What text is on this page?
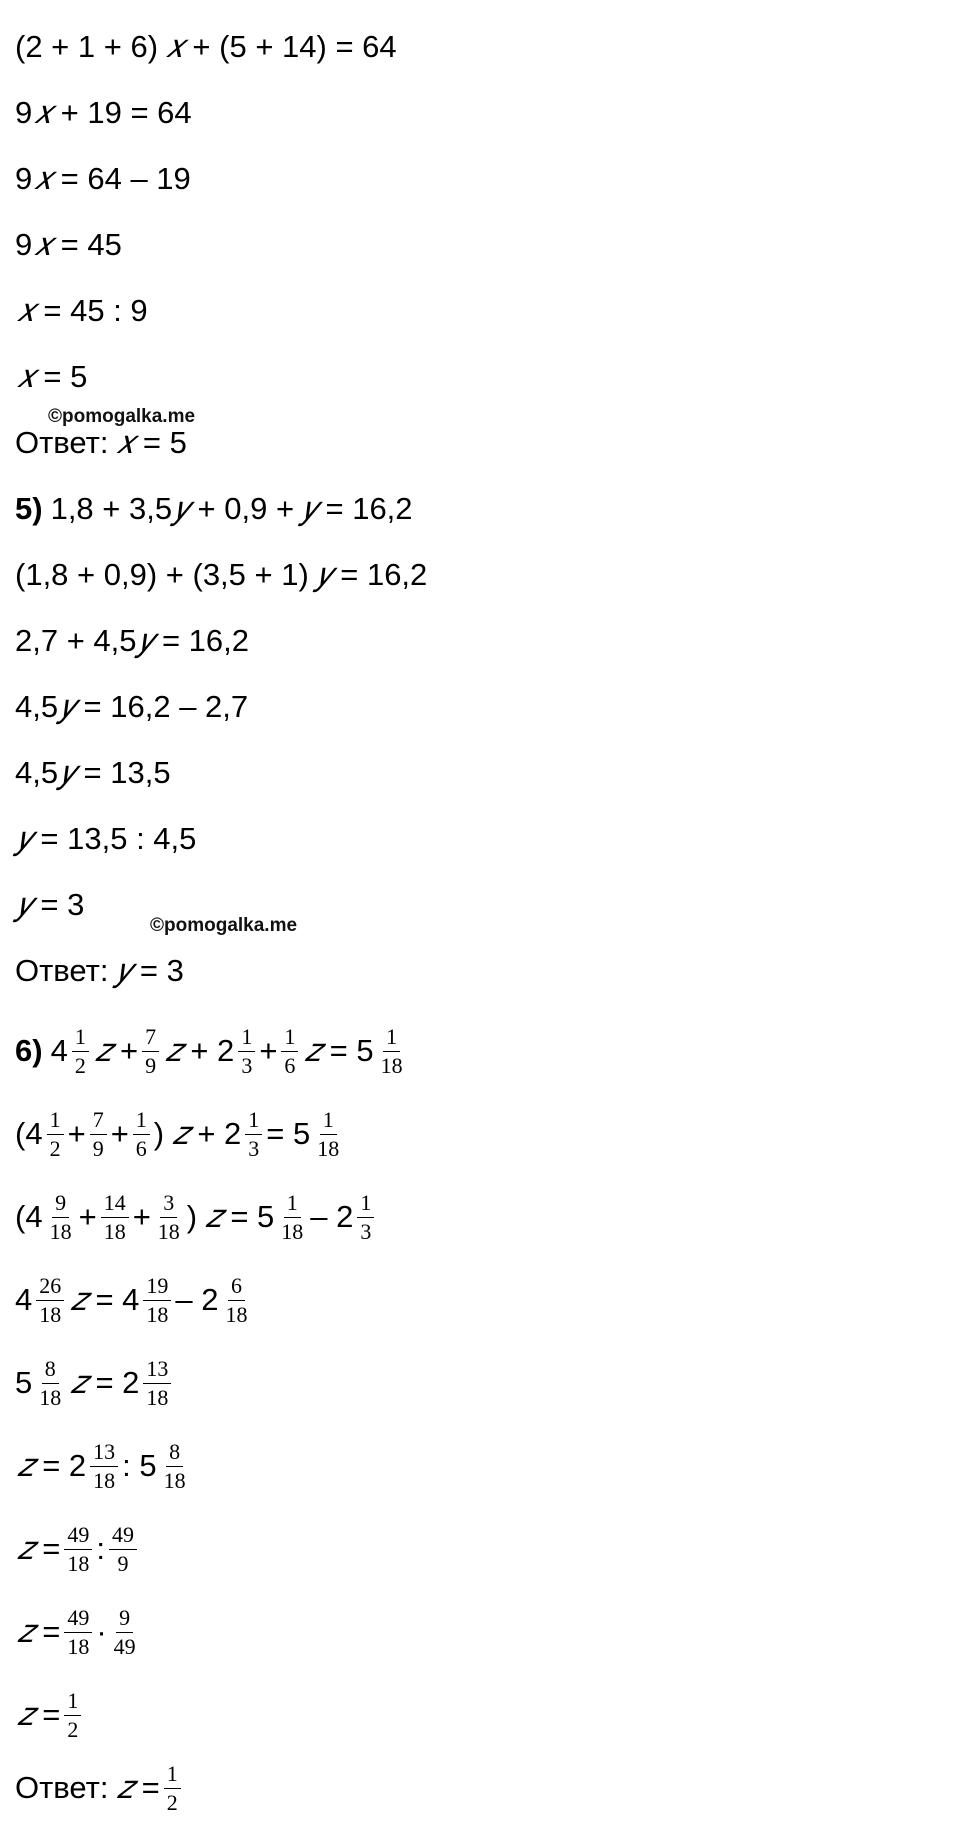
(2 + 1 + 6) 𝑥 + (5 + 14) = 64
9 𝑥 + 19 = 64
9 𝑥 = 64 – 19
9 𝑥 = 45
𝑥 = 45 : 9
𝑥 = 5
©pomogalka.me
Ответ: 𝑥 = 5
5) 1,8 + 3,5 𝑦 + 0,9 + 𝑦 = 16,2
(1,8 + 0,9) + (3,5 + 1) 𝑦 = 16,2
2,7 + 4,5 𝑦 = 16,2
4,5 𝑦 = 16,2 – 2,7
4,5 𝑦 = 13,5
𝑦 = 13,5 : 4,5
𝑦 = 3
©pomogalka.me
Ответ: 𝑦 = 3
6) $4 \frac{1}{2}$ 𝑧 + $\frac{7}{9}$ 𝑧 + $2 \frac{1}{3} + \frac{1}{6}$ 𝑧 = $5 \frac{1}{18}$
($4 \frac{1}{2} + \frac{7}{9} + \frac{1}{6}$ ) 𝑧 + $2 \frac{1}{3} = 5 \frac{1}{18}$
($4 \frac{9}{18} + \frac{14}{18} + \frac{3}{18}$ ) 𝑧 = $5 \frac{1}{18} - 2 \frac{1}{3}$
$4 \frac{26}{18}$ 𝑧 = $4 \frac{19}{18} - 2 \frac{6}{18}$
$5 \frac{8}{18}$ 𝑧 = $2 \frac{13}{18}$
𝑧 = $2 \frac{13}{18}$ : $5 \frac{8}{18}$
𝑧 = $\frac{49}{18}$ : $\frac{49}{9}$
𝑧 = $\frac{49}{18} \cdot \frac{9}{49}$
𝑧 = $\frac{1}{2}$
Ответ: 𝑧 = $\frac{1}{2}$
